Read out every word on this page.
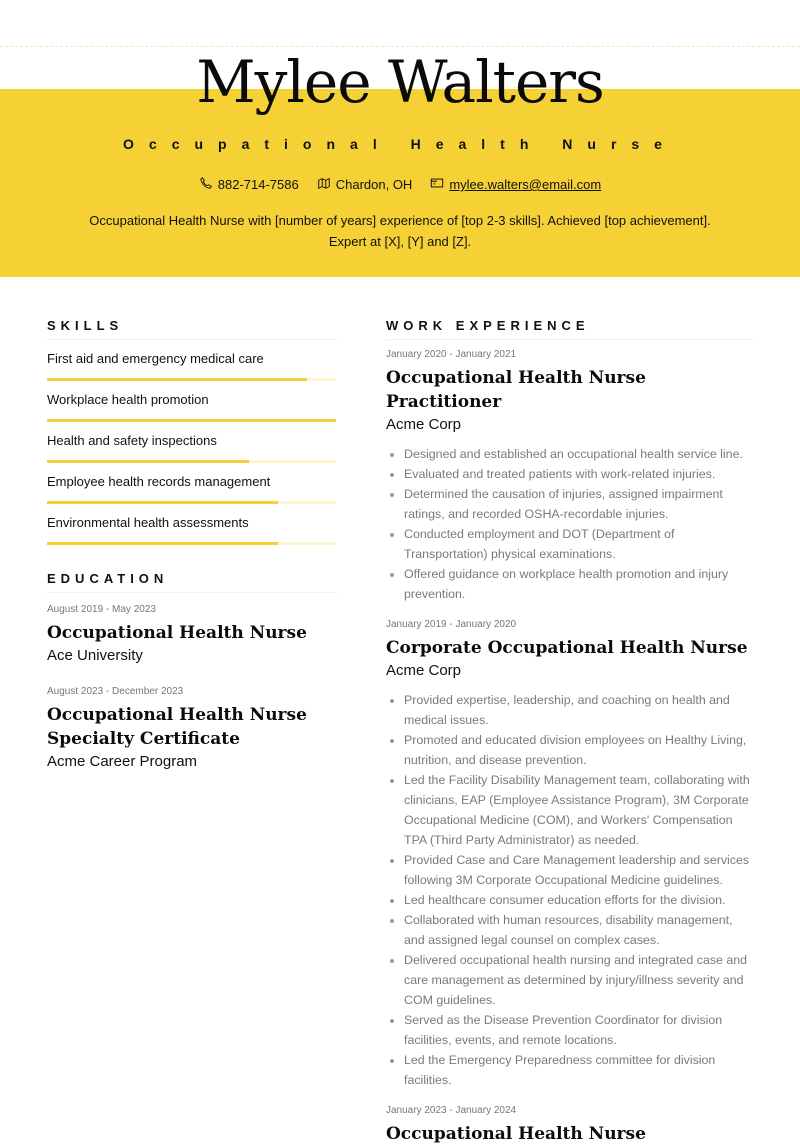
Mylee Walters
Occupational Health Nurse
882-714-7586	Chardon, OH	mylee.walters@email.com
Occupational Health Nurse with [number of years] experience of [top 2-3 skills]. Achieved [top achievement]. Expert at [X], [Y] and [Z].
SKILLS
First aid and emergency medical care
Workplace health promotion
Health and safety inspections
Employee health records management
Environmental health assessments
EDUCATION
August 2019 - May 2023
Occupational Health Nurse
Ace University
August 2023 - December 2023
Occupational Health Nurse Specialty Certificate
Acme Career Program
WORK EXPERIENCE
January 2020 - January 2021
Occupational Health Nurse Practitioner
Acme Corp
• Designed and established an occupational health service line.
• Evaluated and treated patients with work-related injuries.
• Determined the causation of injuries, assigned impairment ratings, and recorded OSHA-recordable injuries.
• Conducted employment and DOT (Department of Transportation) physical examinations.
• Offered guidance on workplace health promotion and injury prevention.
January 2019 - January 2020
Corporate Occupational Health Nurse
Acme Corp
• Provided expertise, leadership, and coaching on health and medical issues.
• Promoted and educated division employees on Healthy Living, nutrition, and disease prevention.
• Led the Facility Disability Management team, collaborating with clinicians, EAP (Employee Assistance Program), 3M Corporate Occupational Medicine (COM), and Workers' Compensation TPA (Third Party Administrator) as needed.
• Provided Case and Care Management leadership and services following 3M Corporate Occupational Medicine guidelines.
• Led healthcare consumer education efforts for the division.
• Collaborated with human resources, disability management, and assigned legal counsel on complex cases.
• Delivered occupational health nursing and integrated case and care management as determined by injury/illness severity and COM guidelines.
• Served as the Disease Prevention Coordinator for division facilities, events, and remote locations.
• Led the Emergency Preparedness committee for division facilities.
January 2023 - January 2024
Occupational Health Nurse
